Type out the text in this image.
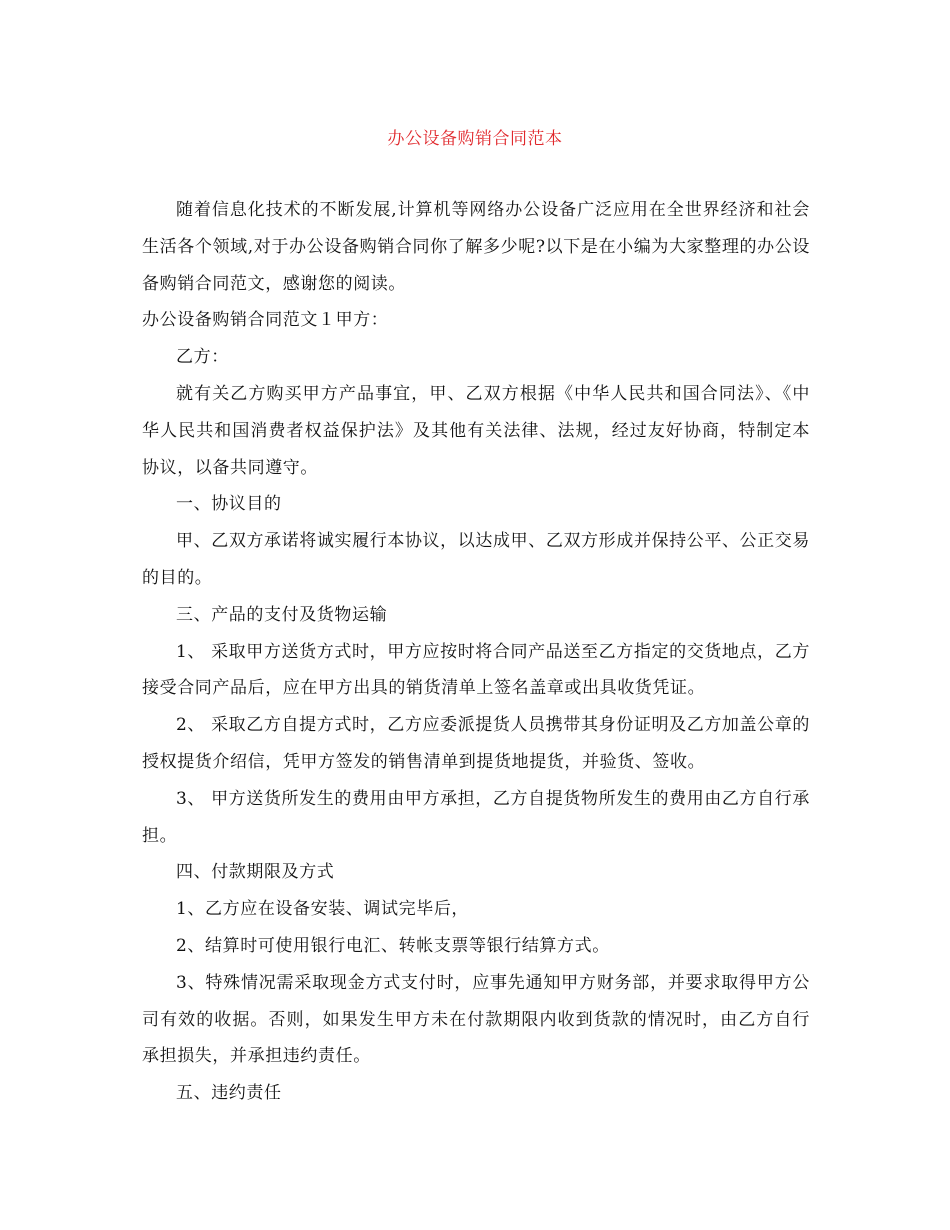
办公设备购销合同范本

随着信息化技术的不断发展,计算机等网络办公设备广泛应用在全世界经济和社会生活各个领域,对于办公设备购销合同你了解多少呢?以下是在小编为大家整理的办公设备购销合同范文，感谢您的阅读。

办公设备购销合同范文１甲方：

乙方：

就有关乙方购买甲方产品事宜，甲、乙双方根据《中华人民共和国合同法》、《中华人民共和国消费者权益保护法》及其他有关法律、法规，经过友好协商，特制定本协议，以备共同遵守。

一、协议目的

甲、乙双方承诺将诚实履行本协议，以达成甲、乙双方形成并保持公平、公正交易的目的。

三、产品的支付及货物运输

1、 采取甲方送货方式时，甲方应按时将合同产品送至乙方指定的交货地点，乙方接受合同产品后，应在甲方出具的销货清单上签名盖章或出具收货凭证。

2、 采取乙方自提方式时，乙方应委派提货人员携带其身份证明及乙方加盖公章的授权提货介绍信，凭甲方签发的销售清单到提货地提货，并验货、签收。

3、 甲方送货所发生的费用由甲方承担，乙方自提货物所发生的费用由乙方自行承担。

四、付款期限及方式

1、乙方应在设备安装、调试完毕后，

2、结算时可使用银行电汇、转帐支票等银行结算方式。

3、特殊情况需采取现金方式支付时，应事先通知甲方财务部，并要求取得甲方公司有效的收据。否则，如果发生甲方未在付款期限内收到货款的情况时，由乙方自行承担损失，并承担违约责任。

五、违约责任
